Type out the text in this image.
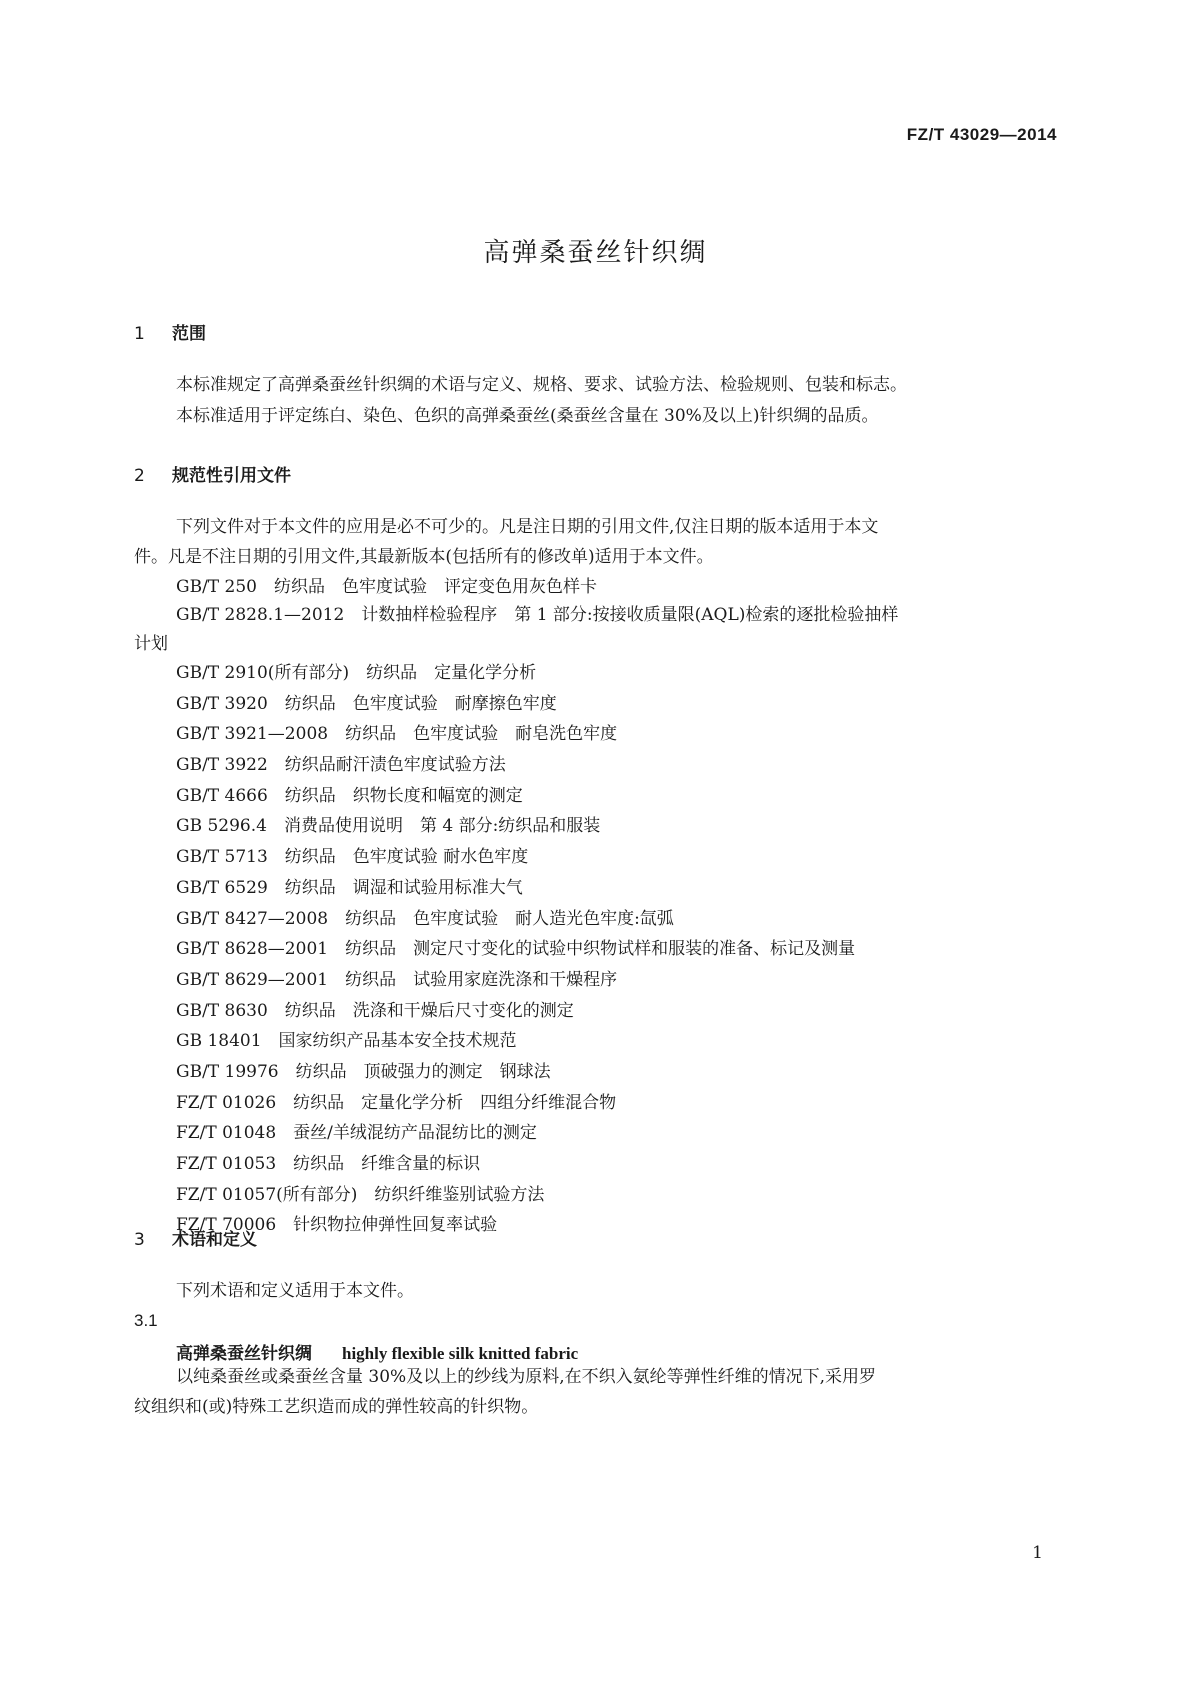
FZ/T 43029—2014
高弹桑蚕丝针织绸
1 范围
本标准规定了高弹桑蚕丝针织绸的术语与定义、规格、要求、试验方法、检验规则、包装和标志。
本标准适用于评定练白、染色、色织的高弹桑蚕丝(桑蚕丝含量在 30%及以上)针织绸的品质。
2 规范性引用文件
下列文件对于本文件的应用是必不可少的。凡是注日期的引用文件,仅注日期的版本适用于本文
件。凡是不注日期的引用文件,其最新版本(包括所有的修改单)适用于本文件。
GB/T 250　纺织品　色牢度试验　评定变色用灰色样卡
GB/T 2828.1—2012　计数抽样检验程序　第 1 部分:按接收质量限(AQL)检索的逐批检验抽样
计划
GB/T 2910(所有部分)　纺织品　定量化学分析
GB/T 3920　纺织品　色牢度试验　耐摩擦色牢度
GB/T 3921—2008　纺织品　色牢度试验　耐皂洗色牢度
GB/T 3922　纺织品耐汗渍色牢度试验方法
GB/T 4666　纺织品　织物长度和幅宽的测定
GB 5296.4　消费品使用说明　第 4 部分:纺织品和服装
GB/T 5713　纺织品　色牢度试验 耐水色牢度
GB/T 6529　纺织品　调湿和试验用标准大气
GB/T 8427—2008　纺织品　色牢度试验　耐人造光色牢度:氙弧
GB/T 8628—2001　纺织品　测定尺寸变化的试验中织物试样和服装的准备、标记及测量
GB/T 8629—2001　纺织品　试验用家庭洗涤和干燥程序
GB/T 8630　纺织品　洗涤和干燥后尺寸变化的测定
GB 18401　国家纺织产品基本安全技术规范
GB/T 19976　纺织品　顶破强力的测定　钢球法
FZ/T 01026　纺织品　定量化学分析　四组分纤维混合物
FZ/T 01048　蚕丝/羊绒混纺产品混纺比的测定
FZ/T 01053　纺织品　纤维含量的标识
FZ/T 01057(所有部分)　纺织纤维鉴别试验方法
FZ/T 70006　针织物拉伸弹性回复率试验
3 术语和定义
下列术语和定义适用于本文件。
3.1
高弹桑蚕丝针织绸 highly flexible silk knitted fabric
以纯桑蚕丝或桑蚕丝含量 30%及以上的纱线为原料,在不织入氨纶等弹性纤维的情况下,采用罗
纹组织和(或)特殊工艺织造而成的弹性较高的针织物。
1
